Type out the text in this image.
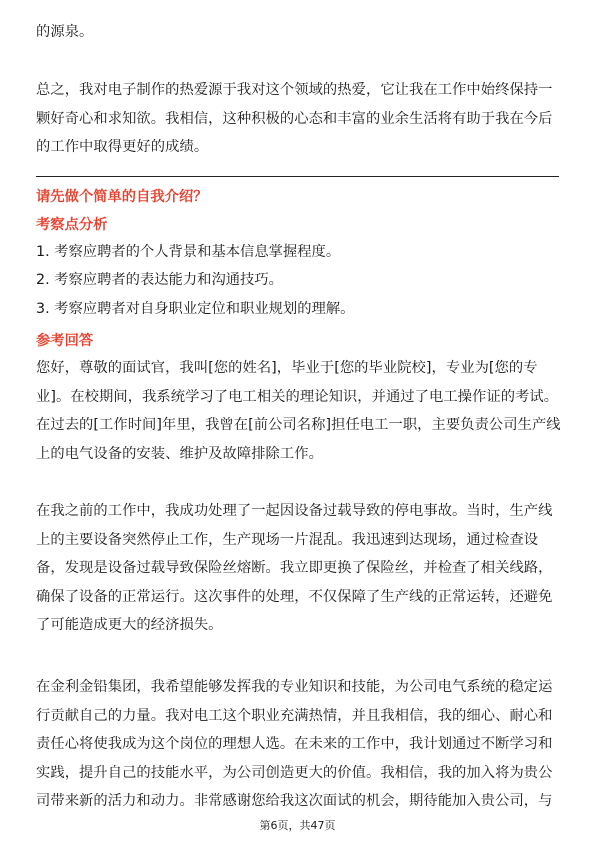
的源泉。
总之，我对电子制作的热爱源于我对这个领域的热爱，它让我在工作中始终保持一
颗好奇心和求知欲。我相信，这种积极的心态和丰富的业余生活将有助于我在今后
的工作中取得更好的成绩。
请先做个简单的自我介绍？
考察点分析
1. 考察应聘者的个人背景和基本信息掌握程度。
2. 考察应聘者的表达能力和沟通技巧。
3. 考察应聘者对自身职业定位和职业规划的理解。
参考回答
您好，尊敬的面试官，我叫[您的姓名]，毕业于[您的毕业院校]，专业为[您的专
业]。在校期间，我系统学习了电工相关的理论知识，并通过了电工操作证的考试。
在过去的[工作时间]年里，我曾在[前公司名称]担任电工一职，主要负责公司生产线
上的电气设备的安装、维护及故障排除工作。
在我之前的工作中，我成功处理了一起因设备过载导致的停电事故。当时，生产线
上的主要设备突然停止工作，生产现场一片混乱。我迅速到达现场，通过检查设
备，发现是设备过载导致保险丝熔断。我立即更换了保险丝，并检查了相关线路，
确保了设备的正常运行。这次事件的处理，不仅保障了生产线的正常运转，还避免
了可能造成更大的经济损失。
在金利金铅集团，我希望能够发挥我的专业知识和技能，为公司电气系统的稳定运
行贡献自己的力量。我对电工这个职业充满热情，并且我相信，我的细心、耐心和
责任心将使我成为这个岗位的理想人选。在未来的工作中，我计划通过不断学习和
实践，提升自己的技能水平，为公司创造更大的价值。我相信，我的加入将为贵公
司带来新的活力和动力。非常感谢您给我这次面试的机会，期待能加入贵公司，与
第6页，共47页
